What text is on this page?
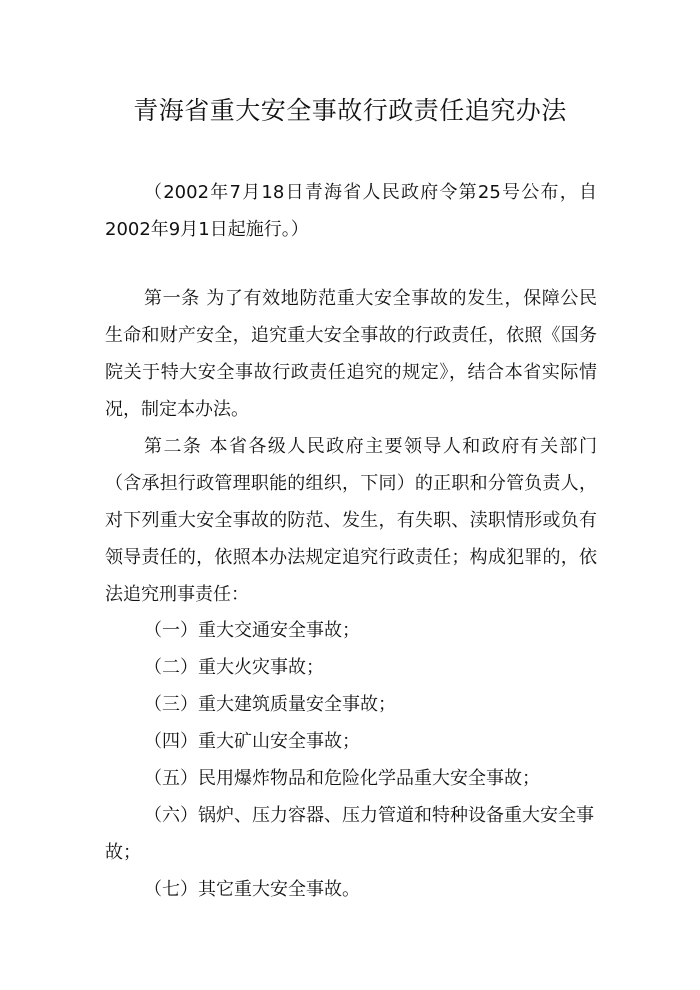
青海省重大安全事故行政责任追究办法

（2002年7月18日青海省人民政府令第25号公布，自2002年9月1日起施行。）

第一条 为了有效地防范重大安全事故的发生，保障公民生命和财产安全，追究重大安全事故的行政责任，依照《国务院关于特大安全事故行政责任追究的规定》，结合本省实际情况，制定本办法。

第二条 本省各级人民政府主要领导人和政府有关部门（含承担行政管理职能的组织，下同）的正职和分管负责人，对下列重大安全事故的防范、发生，有失职、渎职情形或负有领导责任的，依照本办法规定追究行政责任；构成犯罪的，依法追究刑事责任：

（一）重大交通安全事故；

（二）重大火灾事故；

（三）重大建筑质量安全事故；

（四）重大矿山安全事故；

（五）民用爆炸物品和危险化学品重大安全事故；

（六）锅炉、压力容器、压力管道和特种设备重大安全事故；

（七）其它重大安全事故。
